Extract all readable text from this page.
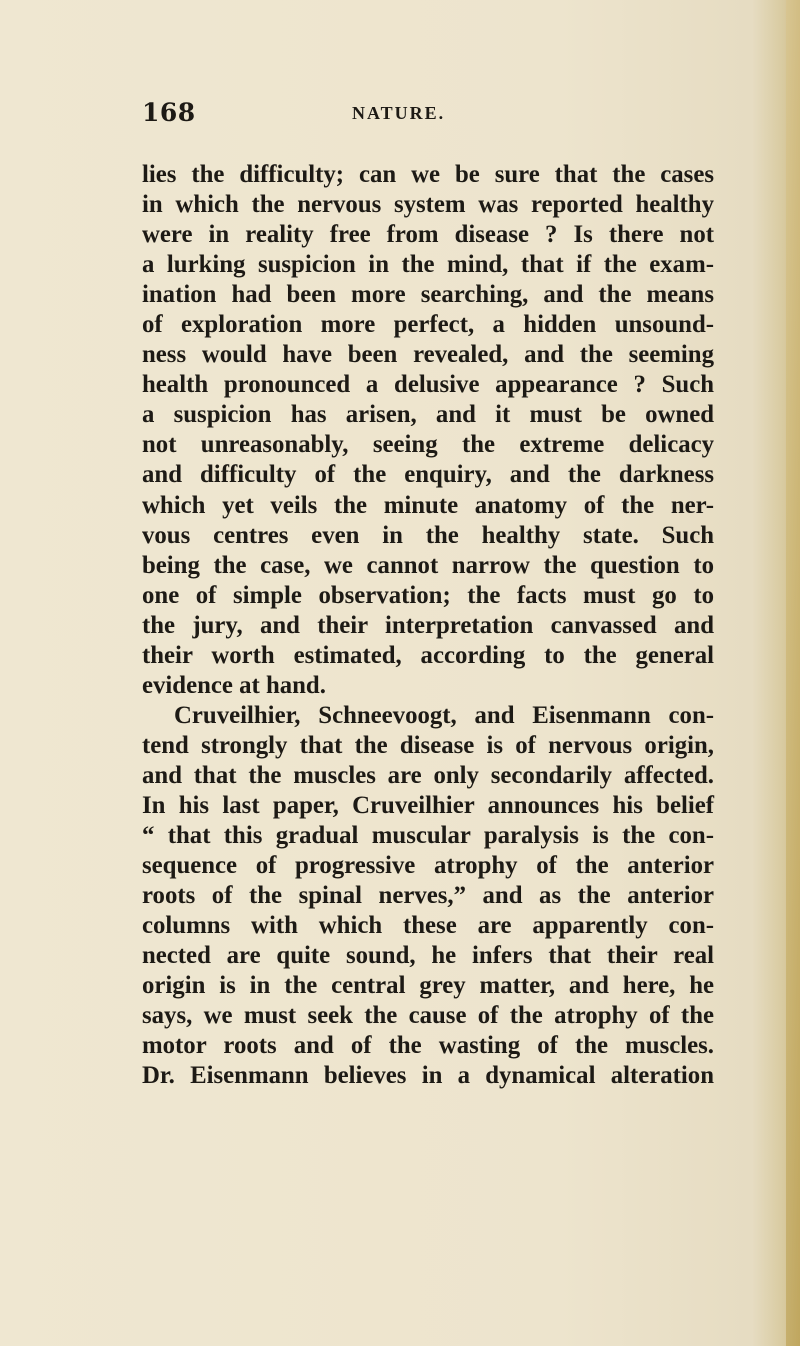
168	NATURE.
lies the difficulty; can we be sure that the cases
in which the nervous system was reported healthy
were in reality free from disease ? Is there not
a lurking suspicion in the mind, that if the exam-
ination had been more searching, and the means
of exploration more perfect, a hidden unsound-
ness would have been revealed, and the seeming
health pronounced a delusive appearance ? Such
a suspicion has arisen, and it must be owned
not unreasonably, seeing the extreme delicacy
and difficulty of the enquiry, and the darkness
which yet veils the minute anatomy of the ner-
vous centres even in the healthy state. Such
being the case, we cannot narrow the question to
one of simple observation; the facts must go to
the jury, and their interpretation canvassed and
their worth estimated, according to the general
evidence at hand.
Cruveilhier, Schneevoogt, and Eisenmann con-
tend strongly that the disease is of nervous origin,
and that the muscles are only secondarily affected.
In his last paper, Cruveilhier announces his belief
“ that this gradual muscular paralysis is the con-
sequence of progressive atrophy of the anterior
roots of the spinal nerves,” and as the anterior
columns with which these are apparently con-
nected are quite sound, he infers that their real
origin is in the central grey matter, and here, he
says, we must seek the cause of the atrophy of the
motor roots and of the wasting of the muscles.
Dr. Eisenmann believes in a dynamical alteration
